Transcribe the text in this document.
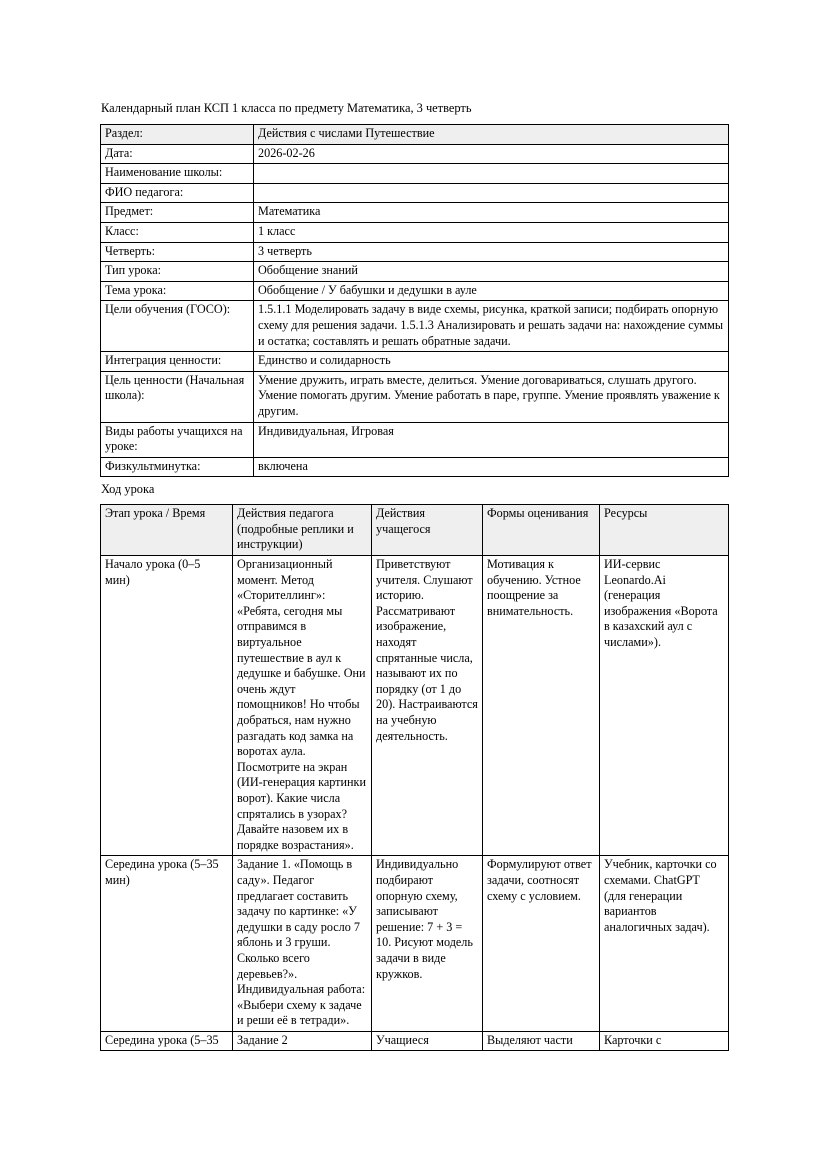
Календарный план КСП 1 класса по предмету Математика, 3 четверть
Раздел:	Действия с числами Путешествие
Дата:	2026-02-26
Наименование школы:	
ФИО педагога:	
Предмет:	Математика
Класс:	1 класс
Четверть:	3 четверть
Тип урока:	Обобщение знаний
Тема урока:	Обобщение / У бабушки и дедушки в ауле
Цели обучения (ГОСО):	1.5.1.1 Моделировать задачу в виде схемы, рисунка, краткой записи; подбирать опорную схему для решения задачи. 1.5.1.3 Анализировать и решать задачи на: нахождение суммы и остатка; составлять и решать обратные задачи.
Интеграция ценности:	Единство и солидарность
Цель ценности (Начальная школа):	Умение дружить, играть вместе, делиться. Умение договариваться, слушать другого. Умение помогать другим. Умение работать в паре, группе. Умение проявлять уважение к другим.
Виды работы учащихся на уроке:	Индивидуальная, Игровая
Физкультминутка:	включена
Ход урока
Этап урока / Время	Действия педагога (подробные реплики и инструкции)	Действия учащегося	Формы оценивания	Ресурсы
Начало урока (0–5 мин)	Организационный момент. Метод «Сторителлинг»: «Ребята, сегодня мы отправимся в виртуальное путешествие в аул к дедушке и бабушке. Они очень ждут помощников! Но чтобы добраться, нам нужно разгадать код замка на воротах аула. Посмотрите на экран (ИИ-генерация картинки ворот). Какие числа спрятались в узорах? Давайте назовем их в порядке возрастания».	Приветствуют учителя. Слушают историю. Рассматривают изображение, находят спрятанные числа, называют их по порядку (от 1 до 20). Настраиваются на учебную деятельность.	Мотивация к обучению. Устное поощрение за внимательность.	ИИ-сервис Leonardo.Ai (генерация изображения «Ворота в казахский аул с числами»).
Середина урока (5–35 мин)	Задание 1. «Помощь в саду». Педагог предлагает составить задачу по картинке: «У дедушки в саду росло 7 яблонь и 3 груши. Сколько всего деревьев?». Индивидуальная работа: «Выбери схему к задаче и реши её в тетради».	Индивидуально подбирают опорную схему, записывают решение: 7 + 3 = 10. Рисуют модель задачи в виде кружков.	Формулируют ответ задачи, соотносят схему с условием.	Учебник, карточки со схемами. ChatGPT (для генерации вариантов аналогичных задач).
Середина урока (5–35	Задание 2	Учащиеся	Выделяют части	Карточки с
